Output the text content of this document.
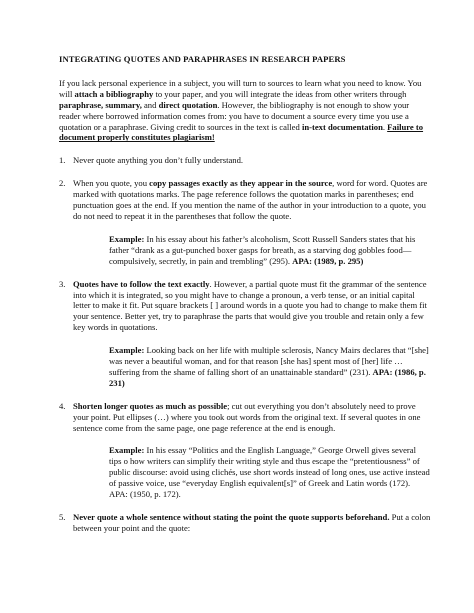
INTEGRATING QUOTES AND PARAPHRASES IN RESEARCH PAPERS

If you lack personal experience in a subject, you will turn to sources to learn what you need to know. You will attach a bibliography to your paper, and you will integrate the ideas from other writers through paraphrase, summary, and direct quotation. However, the bibliography is not enough to show your reader where borrowed information comes from: you have to document a source every time you use a quotation or a paraphrase. Giving credit to sources in the text is called in-text documentation. Failure to document properly constitutes plagiarism!

1. Never quote anything you don’t fully understand.

2. When you quote, you copy passages exactly as they appear in the source, word for word. Quotes are marked with quotations marks. The page reference follows the quotation marks in parentheses; end punctuation goes at the end. If you mention the name of the author in your introduction to a quote, you do not need to repeat it in the parentheses that follow the quote.

Example: In his essay about his father’s alcoholism, Scott Russell Sanders states that his father “drank as a gut-punched boxer gasps for breath, as a starving dog gobbles food—compulsively, secretly, in pain and trembling” (295). APA: (1989, p. 295)

3. Quotes have to follow the text exactly. However, a partial quote must fit the grammar of the sentence into which it is integrated, so you might have to change a pronoun, a verb tense, or an initial capital letter to make it fit. Put square brackets [ ] around words in a quote you had to change to make them fit your sentence. Better yet, try to paraphrase the parts that would give you trouble and retain only a few key words in quotations.

Example: Looking back on her life with multiple sclerosis, Nancy Mairs declares that “[she] was never a beautiful woman, and for that reason [she has] spent most of [her] life … suffering from the shame of falling short of an unattainable standard” (231). APA: (1986, p. 231)

4. Shorten longer quotes as much as possible; cut out everything you don’t absolutely need to prove your point. Put ellipses (…) where you took out words from the original text. If several quotes in one sentence come from the same page, one page reference at the end is enough.

Example: In his essay “Politics and the English Language,” George Orwell gives several tips o how writers can simplify their writing style and thus escape the “pretentiousness” of public discourse: avoid using clichés, use short words instead of long ones, use active instead of passive voice, use “everyday English equivalent[s]” of Greek and Latin words (172). APA: (1950, p. 172).

5. Never quote a whole sentence without stating the point the quote supports beforehand. Put a colon between your point and the quote:
